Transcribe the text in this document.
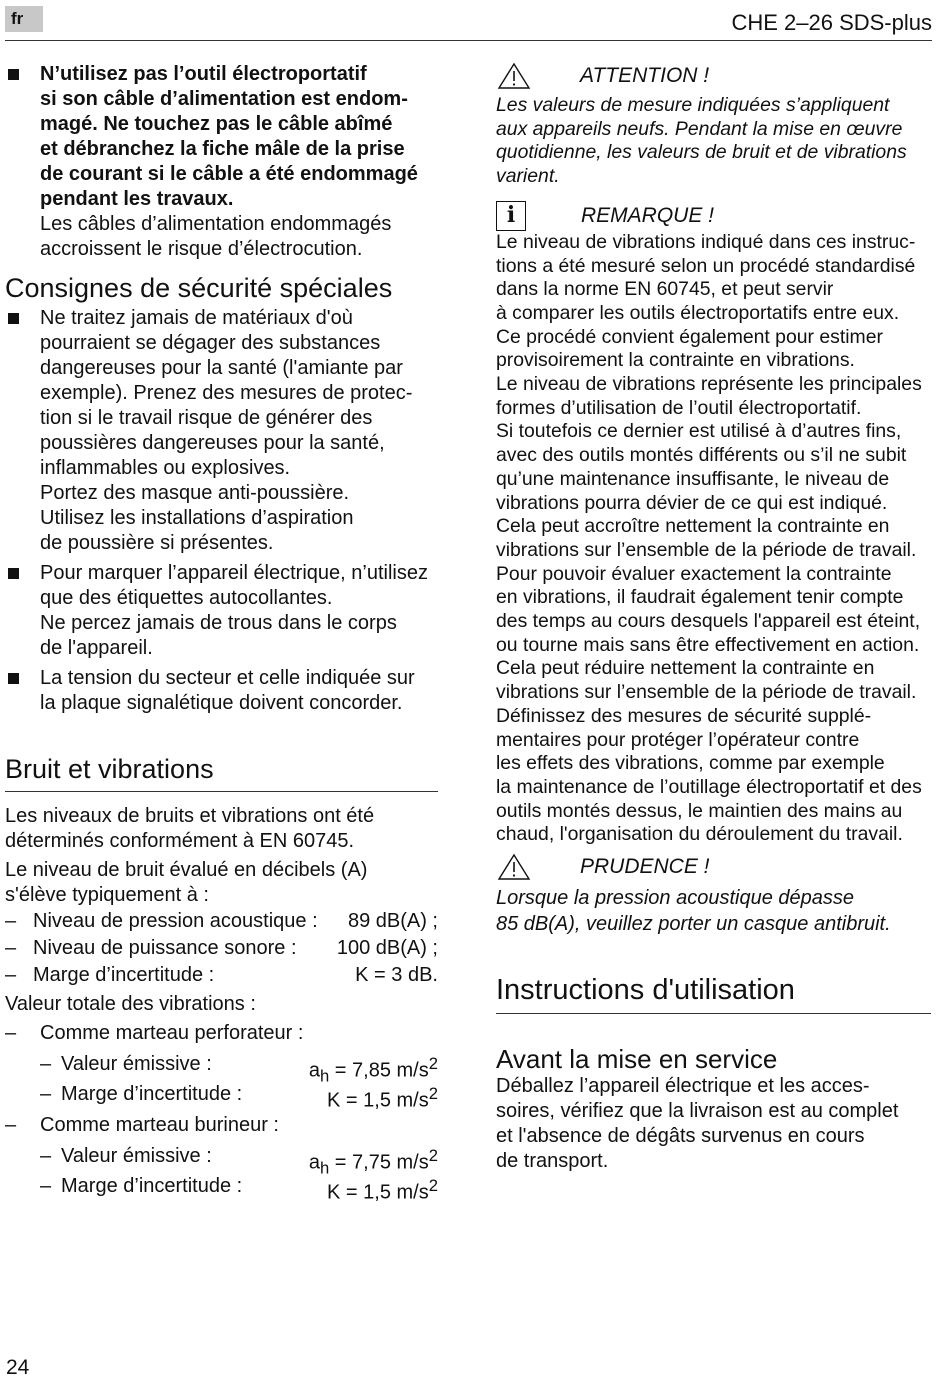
fr	CHE 2–26 SDS-plus

N’utilisez pas l’outil électroportatif

si son câble d’alimentation est endom-

magé. Ne touchez pas le câble abîmé

et débranchez la fiche mâle de la prise

de courant si le câble a été endommagé

pendant les travaux.

Les câbles d’alimentation endommagés

accroissent le risque d’électrocution.

Consignes de sécurité spéciales

Ne traitez jamais de matériaux d'où

pourraient se dégager des substances

dangereuses pour la santé (l'amiante par

exemple). Prenez des mesures de protec-

tion si le travail risque de générer des

poussières dangereuses pour la santé,

inflammables ou explosives.

Portez des masque anti-poussière.

Utilisez les installations d’aspiration

de poussière si présentes.

Pour marquer l’appareil électrique, n’utilisez

que des étiquettes autocollantes.

Ne percez jamais de trous dans le corps

de l'appareil.

La tension du secteur et celle indiquée sur

la plaque signalétique doivent concorder.

Bruit et vibrations

Les niveaux de bruits et vibrations ont été

déterminés conformément à EN 60745.

Le niveau de bruit évalué en décibels (A)

s'élève typiquement à :

– Niveau de pression acoustique : 89 dB(A) ;
– Niveau de puissance sonore : 100 dB(A) ;
– Marge d’incertitude :	K = 3 dB.

Valeur totale des vibrations :

– Comme marteau perforateur :
– Valeur émissive :	$a_h = 7,85$ $m/s^2$
– Marge d’incertitude :	K = 1,5 $m/s^2$
– Comme marteau burineur :
– Valeur émissive :	$a_h = 7,75$ $m/s^2$
– Marge d’incertitude :	K = 1,5 $m/s^2$
ATTENTION !

Les valeurs de mesure indiquées s’appliquent

aux appareils neufs. Pendant la mise en œuvre

quotidienne, les valeurs de bruit et de vibrations

varient.

i	REMARQUE !

Le niveau de vibrations indiqué dans ces instruc-

tions a été mesuré selon un procédé standardisé

dans la norme EN 60745, et peut servir

à comparer les outils électroportatifs entre eux.

Ce procédé convient également pour estimer

provisoirement la contrainte en vibrations.

Le niveau de vibrations représente les principales

formes d’utilisation de l’outil électroportatif.

Si toutefois ce dernier est utilisé à d’autres fins,

avec des outils montés différents ou s’il ne subit

qu’une maintenance insuffisante, le niveau de

vibrations pourra dévier de ce qui est indiqué.

Cela peut accroître nettement la contrainte en

vibrations sur l’ensemble de la période de travail.

Pour pouvoir évaluer exactement la contrainte

en vibrations, il faudrait également tenir compte

des temps au cours desquels l'appareil est éteint,

ou tourne mais sans être effectivement en action.

Cela peut réduire nettement la contrainte en

vibrations sur l’ensemble de la période de travail.

Définissez des mesures de sécurité supplé-

mentaires pour protéger l’opérateur contre

les effets des vibrations, comme par exemple

la maintenance de l’outillage électroportatif et des

outils montés dessus, le maintien des mains au

chaud, l'organisation du déroulement du travail.

PRUDENCE !

Lorsque la pression acoustique dépasse

85 dB(A), veuillez porter un casque antibruit.

Instructions d'utilisation
Avant la mise en service

Déballez l’appareil électrique et les acces-

soires, vérifiez que la livraison est au complet

et l'absence de dégâts survenus en cours

de transport.

24
